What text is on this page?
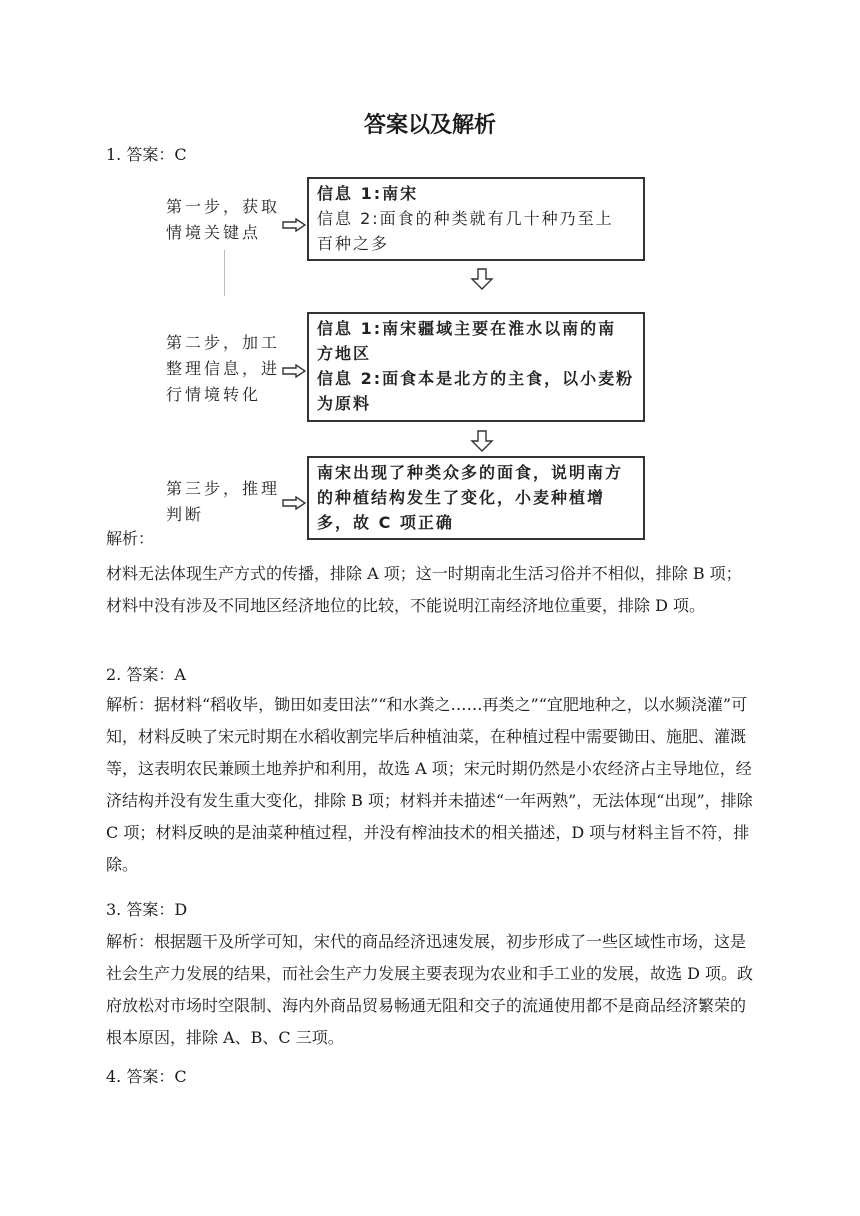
答案以及解析
1. 答案：C
第一步，获取
情境关键点
信息 1:南宋
信息 2:面食的种类就有几十种乃至上
百种之多
第二步，加工
整理信息，进
行情境转化
信息 1:南宋疆域主要在淮水以南的南
方地区
信息 2:面食本是北方的主食，以小麦粉
为原料
第三步，推理
判断
南宋出现了种类众多的面食，说明南方
的种植结构发生了变化，小麦种植增
多，故 C 项正确
解析：
材料无法体现生产方式的传播，排除 A 项；这一时期南北生活习俗并不相似，排除 B 项；材料中没有涉及不同地区经济地位的比较，不能说明江南经济地位重要，排除 D 项。
2. 答案：A
解析：据材料“稻收毕，锄田如麦田法”“和水粪之……再类之”“宜肥地种之，以水频浇灌”可知，材料反映了宋元时期在水稻收割完毕后种植油菜，在种植过程中需要锄田、施肥、灌溉等，这表明农民兼顾土地养护和利用，故选 A 项；宋元时期仍然是小农经济占主导地位，经济结构并没有发生重大变化，排除 B 项；材料并未描述“一年两熟”，无法体现“出现”，排除 C 项；材料反映的是油菜种植过程，并没有榨油技术的相关描述，D 项与材料主旨不符，排除。
3. 答案：D
解析：根据题干及所学可知，宋代的商品经济迅速发展，初步形成了一些区域性市场，这是社会生产力发展的结果，而社会生产力发展主要表现为农业和手工业的发展，故选 D 项。政府放松对市场时空限制、海内外商品贸易畅通无阻和交子的流通使用都不是商品经济繁荣的根本原因，排除 A、B、C 三项。
4. 答案：C
